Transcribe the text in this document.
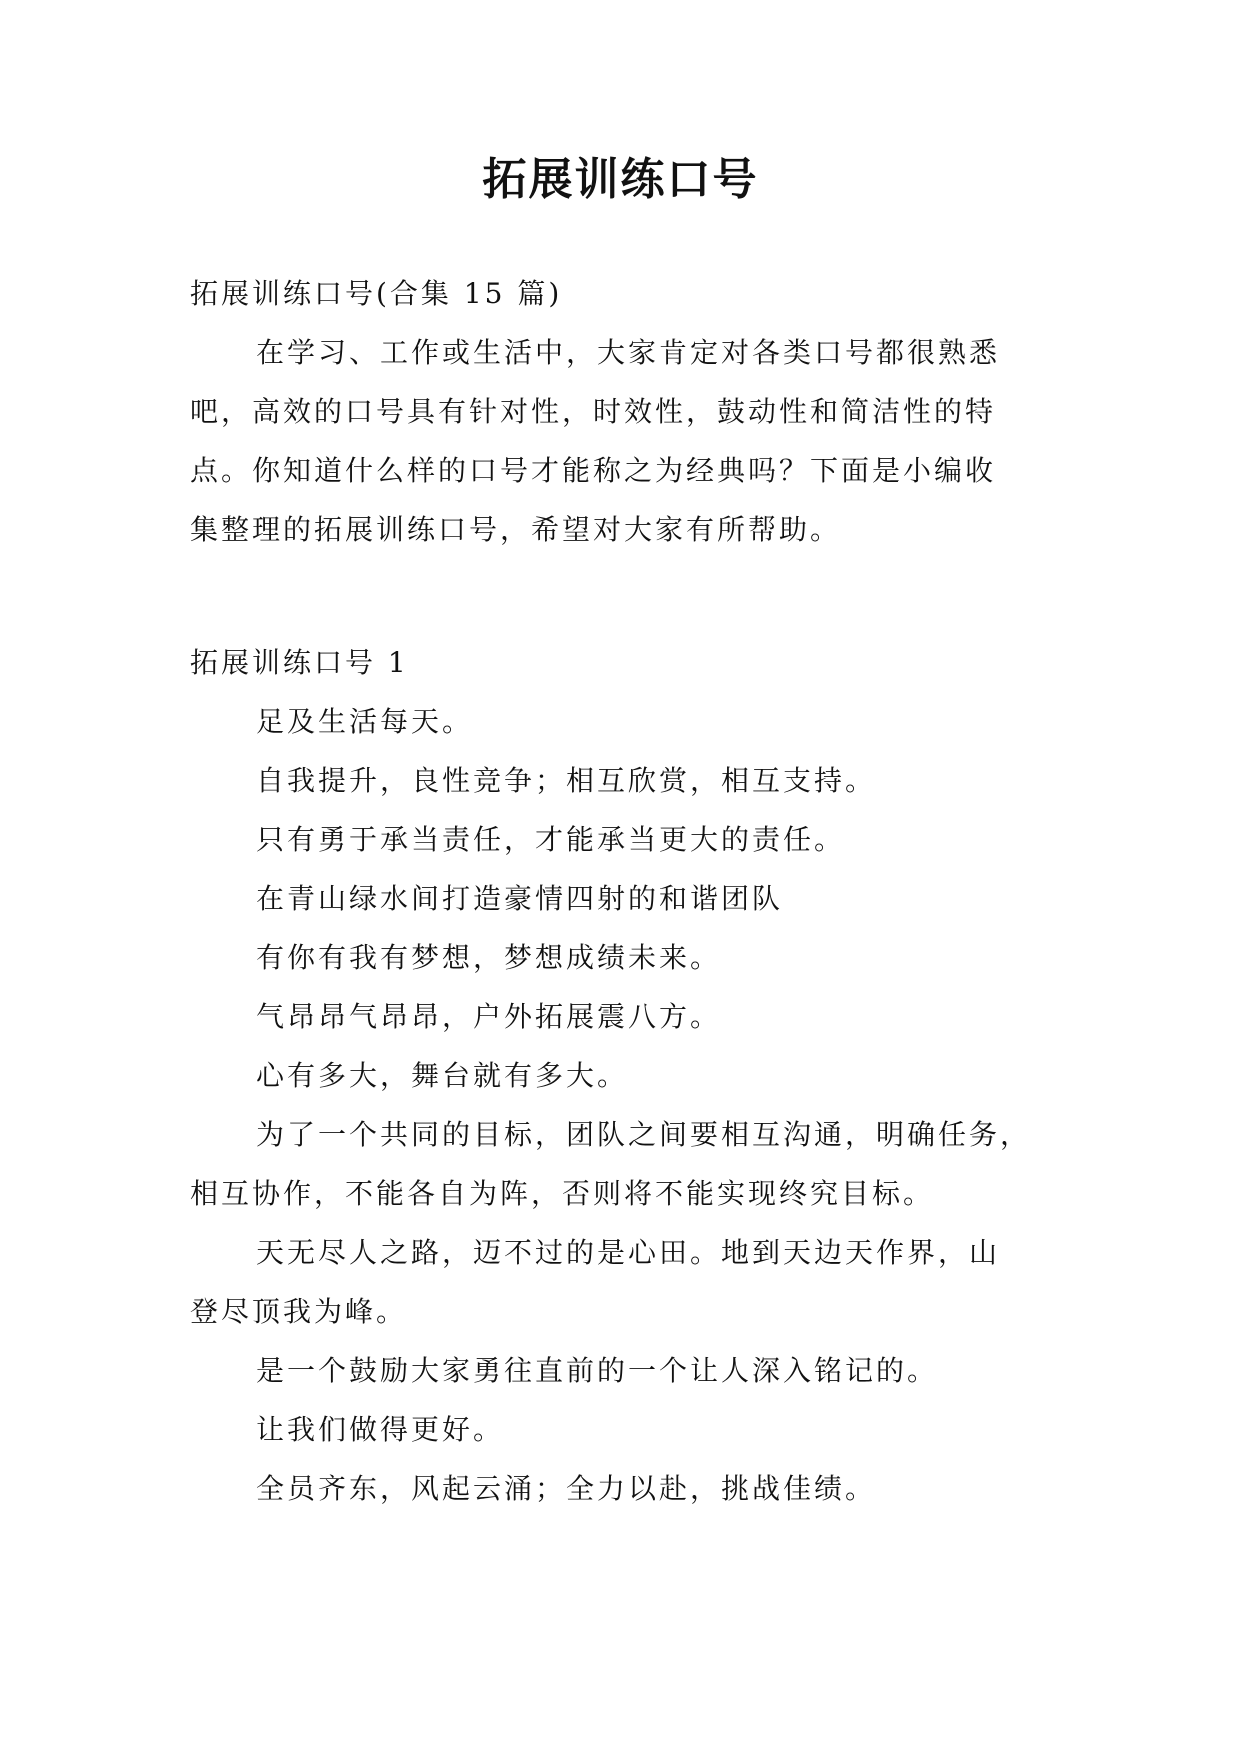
拓展训练口号
拓展训练口号(合集 15 篇)
在学习、工作或生活中，大家肯定对各类口号都很熟悉
吧，高效的口号具有针对性，时效性，鼓动性和简洁性的特
点。你知道什么样的口号才能称之为经典吗？下面是小编收
集整理的拓展训练口号，希望对大家有所帮助。
拓展训练口号 1
足及生活每天。
自我提升，良性竞争；相互欣赏，相互支持。
只有勇于承当责任，才能承当更大的责任。
在青山绿水间打造豪情四射的和谐团队
有你有我有梦想，梦想成绩未来。
气昂昂气昂昂，户外拓展震八方。
心有多大，舞台就有多大。
为了一个共同的目标，团队之间要相互沟通，明确任务，
相互协作，不能各自为阵，否则将不能实现终究目标。
天无尽人之路，迈不过的是心田。地到天边天作界，山
登尽顶我为峰。
是一个鼓励大家勇往直前的一个让人深入铭记的。
让我们做得更好。
全员齐东，风起云涌；全力以赴，挑战佳绩。
